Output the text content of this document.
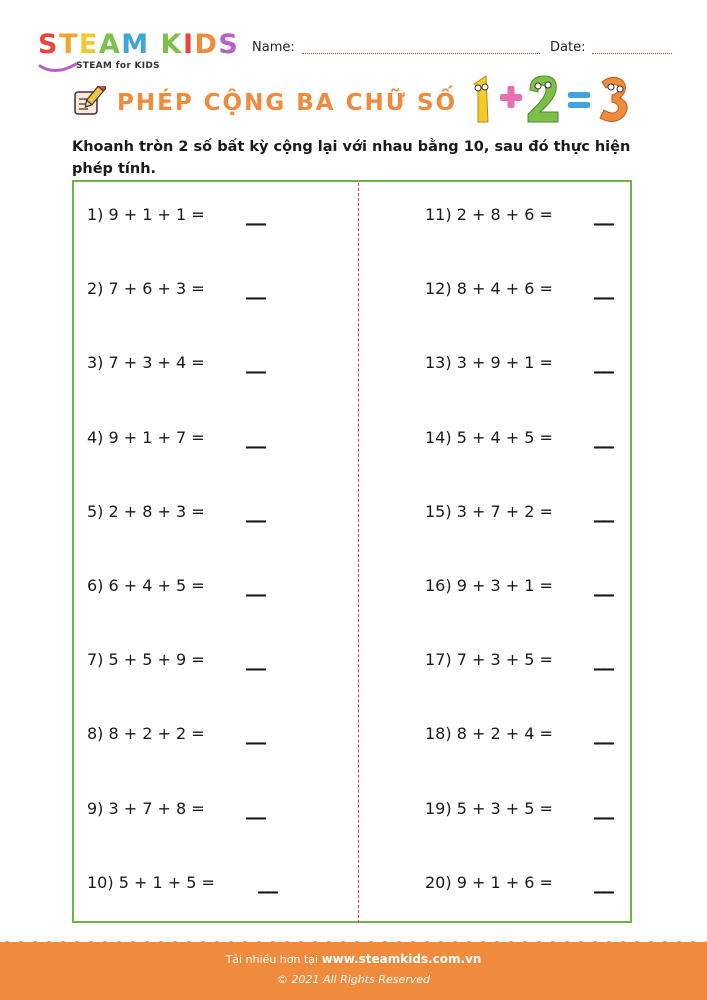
S T E A M
K I D S
STEAM for KIDS
Name:	Date:
PHÉP CỘNG BA CHỮ SỐ
Khoanh tròn 2 số bất kỳ cộng lại với nhau bằng 10, sau đó thực hiện phép tính.
1) 9 + 1 + 1 = __
2) 7 + 6 + 3 = __
3) 7 + 3 + 4 = __
4) 9 + 1 + 7 = __
5) 2 + 8 + 3 = __
6) 6 + 4 + 5 = __
7) 5 + 5 + 9 = __
8) 8 + 2 + 2 = __
9) 3 + 7 + 8 = __
10) 5 + 1 + 5 = __
11) 2 + 8 + 6 = __
12) 8 + 4 + 6 = __
13) 3 + 9 + 1 = __
14) 5 + 4 + 5 = __
15) 3 + 7 + 2 = __
16) 9 + 3 + 1 = __
17) 7 + 3 + 5 = __
18) 8 + 2 + 4 = __
19) 5 + 3 + 5 = __
20) 9 + 1 + 6 = __
Tải nhiều hơn tại www.steamkids.com.vn
© 2021 All Rights Reserved
